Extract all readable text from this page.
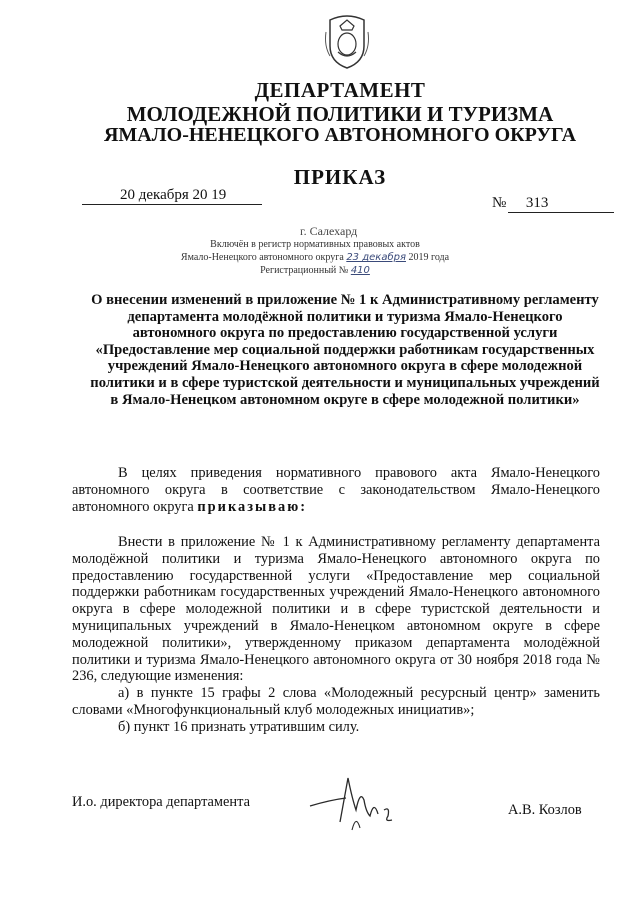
ДЕПАРТАМЕНТ
МОЛОДЕЖНОЙ ПОЛИТИКИ И ТУРИЗМА
ЯМАЛО-НЕНЕЦКОГО АВТОНОМНОГО ОКРУГА
ПРИКАЗ
20 декабря 20 19	№ 313
г. Салехард
Включён в регистр нормативных правовых актов
Ямало-Ненецкого автономного округа 23 декабря 2019 года
Регистрационный № 410
О внесении изменений в приложение № 1 к Административному регламенту департамента молодёжной политики и туризма Ямало-Ненецкого автономного округа по предоставлению государственной услуги «Предоставление мер социальной поддержки работникам государственных учреждений Ямало-Ненецкого автономного округа в сфере молодежной политики и в сфере туристской деятельности и муниципальных учреждений в Ямало-Ненецком автономном округе в сфере молодежной политики»

В целях приведения нормативного правового акта Ямало-Ненецкого автономного округа в соответствие с законодательством Ямало-Ненецкого автономного округа приказываю:

Внести в приложение № 1 к Административному регламенту департамента молодёжной политики и туризма Ямало-Ненецкого автономного округа по предоставлению государственной услуги «Предоставление мер социальной поддержки работникам государственных учреждений Ямало-Ненецкого автономного округа в сфере молодежной политики и в сфере туристской деятельности и муниципальных учреждений в Ямало-Ненецком автономном округе в сфере молодежной политики», утвержденному приказом департамента молодёжной политики и туризма Ямало-Ненецкого автономного округа от 30 ноября 2018 года № 236, следующие изменения:

а) в пункте 15 графы 2 слова «Молодежный ресурсный центр» заменить словами «Многофункциональный клуб молодежных инициатив»;

б) пункт 16 признать утратившим силу.

И.о. директора департамента	А.В. Козлов
